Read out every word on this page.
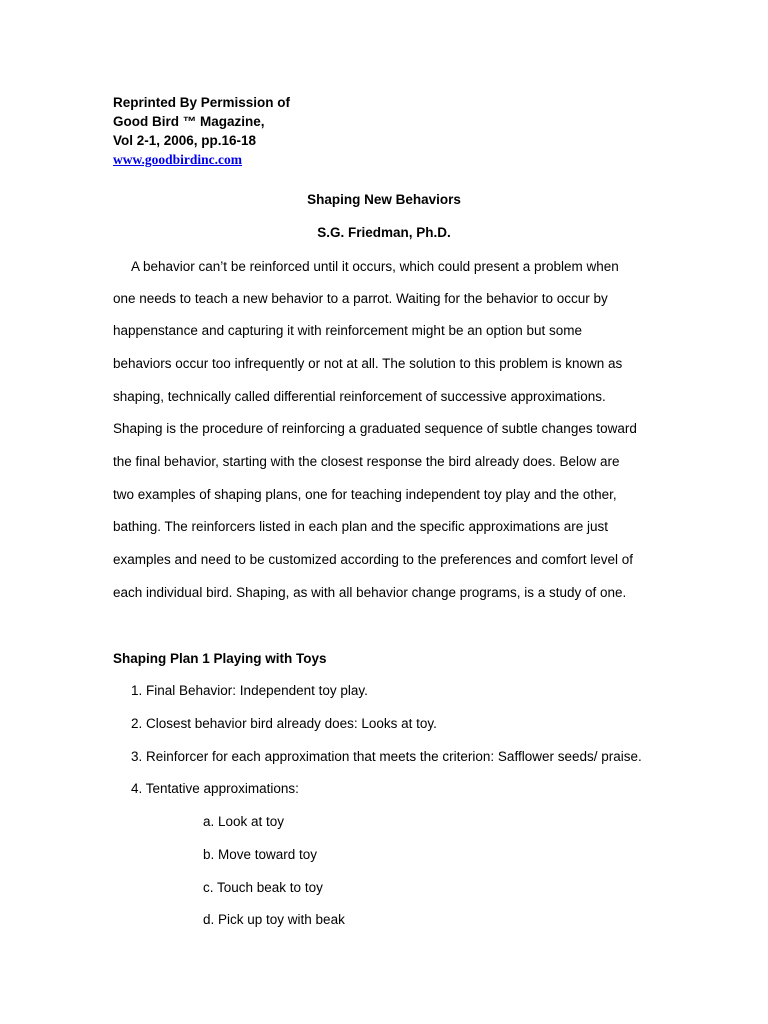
Reprinted By Permission of
Good Bird ™ Magazine,
Vol 2-1, 2006, pp.16-18
www.goodbirdinc.com
Shaping New Behaviors
S.G. Friedman, Ph.D.
A behavior can’t be reinforced until it occurs, which could present a problem when
one needs to teach a new behavior to a parrot. Waiting for the behavior to occur by
happenstance and capturing it with reinforcement might be an option but some
behaviors occur too infrequently or not at all. The solution to this problem is known as
shaping, technically called differential reinforcement of successive approximations.
Shaping is the procedure of reinforcing a graduated sequence of subtle changes toward
the final behavior, starting with the closest response the bird already does. Below are
two examples of shaping plans, one for teaching independent toy play and the other,
bathing. The reinforcers listed in each plan and the specific approximations are just
examples and need to be customized according to the preferences and comfort level of
each individual bird. Shaping, as with all behavior change programs, is a study of one.
Shaping Plan 1 Playing with Toys
1. Final Behavior: Independent toy play.
2. Closest behavior bird already does: Looks at toy.
3. Reinforcer for each approximation that meets the criterion: Safflower seeds/ praise.
4. Tentative approximations:
a. Look at toy
b. Move toward toy
c. Touch beak to toy
d. Pick up toy with beak
